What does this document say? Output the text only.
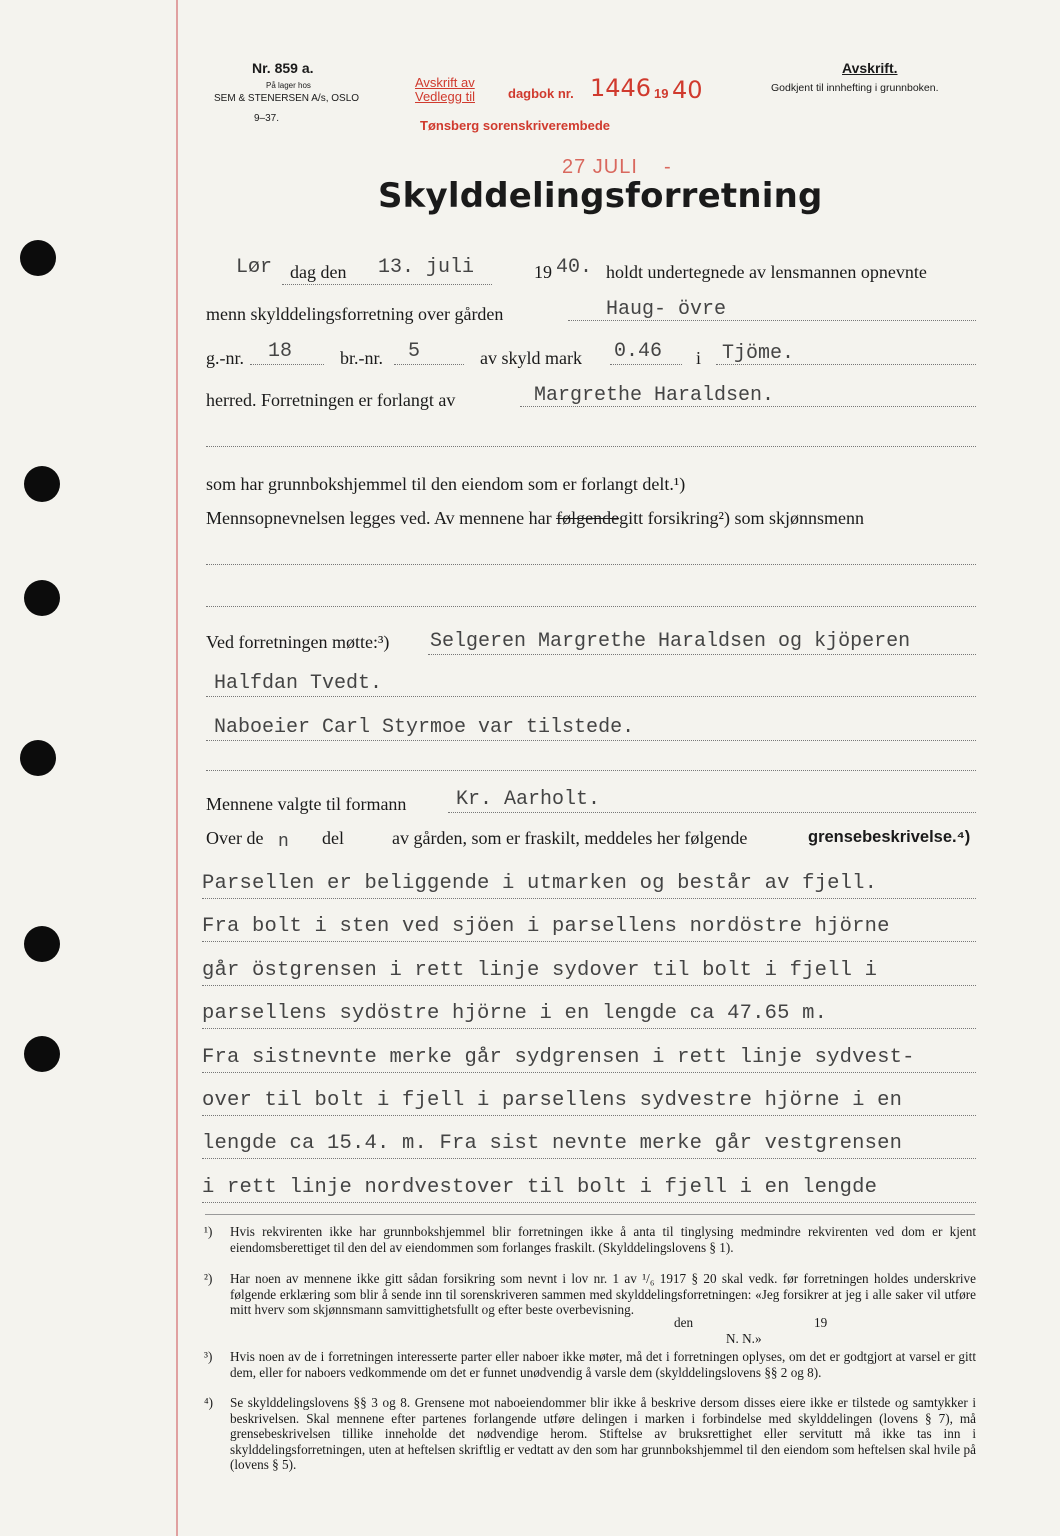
Nr. 859 a.
På lager hos
SEM & STENERSEN A/s, OSLO
9–37.
Avskrift av
Vedlegg til	dagbok nr. 1446 19 40
Tønsberg sorenskriverembede
27 JULI -
Avskrift.
Godkjent til innhefting i grunnboken.
Skylddelingsforretning
Lør dag den 13. juli	19 40. holdt undertegnede av lensmannen opnevnte
menn skylddelingsforretning over gården	Haug- övre
g.-nr. 18	br.-nr. 5	av skyld mark 0.46 i Tjöme.
herred. Forretningen er forlangt av	Margrethe Haraldsen.
som har grunnbokshjemmel til den eiendom som er forlangt delt.¹)
Mennsopnevnelsen legges ved. Av mennene har følgendegitt forsikring²) som skjønnsmenn
Ved forretningen møtte:³) Selgeren Margrethe Haraldsen og kjöperen
Halfdan Tvedt.
Naboeier Carl Styrmoe var tilstede.
Mennene valgte til formann Kr. Aarholt.
Over de n del	av gården, som er fraskilt, meddeles her følgende	grensebeskrivelse.⁴)
Parsellen er beliggende i utmarken og består av fjell.
Fra bolt i sten ved sjöen i parsellens nordöstre hjörne
går östgrensen i rett linje sydover til bolt i fjell i
parsellens sydöstre hjörne i en lengde ca 47.65 m.
Fra sistnevnte merke går sydgrensen i rett linje sydvest-
over til bolt i fjell i parsellens sydvestre hjörne i en
lengde ca 15.4. m. Fra sist nevnte merke går vestgrensen
i rett linje nordvestover til bolt i fjell i en lengde
¹) Hvis rekvirenten ikke har grunnbokshjemmel blir forretningen ikke å anta til tinglysing medmindre rekvirenten ved dom er kjent eiendomsberettiget til den del av eiendommen som forlanges fraskilt. (Skylddelingslovens § 1).
²) Har noen av mennene ikke gitt sådan forsikring som nevnt i lov nr. 1 av ¹/₆ 1917 § 20 skal vedk. før forretningen holdes underskrive følgende erklæring som blir å sende inn til sorenskriveren sammen med skylddelingsforretningen: «Jeg forsikrer at jeg i alle saker vil utføre mitt hverv som skjønnsmann samvittighetsfullt og efter beste overbevisning.
den	19
N. N.»
³) Hvis noen av de i forretningen interesserte parter eller naboer ikke møter, må det i forretningen oplyses, om det er godtgjort at varsel er gitt dem, eller for naboers vedkommende om det er funnet unødvendig å varsle dem (skylddelingslovens §§ 2 og 8).
⁴) Se skylddelingslovens §§ 3 og 8. Grensene mot naboeiendommer blir ikke å beskrive dersom disses eiere ikke er tilstede og samtykker i beskrivelsen. Skal mennene efter partenes forlangende utføre delingen i marken i forbindelse med skylddelingen (lovens § 7), må grensebeskrivelsen tillike inneholde det nødvendige herom. Stiftelse av bruksrettighet eller servitutt må ikke tas inn i skylddelingsforretningen, uten at heftelsen skriftlig er vedtatt av den som har grunnbokshjemmel til den eiendom som heftelsen skal hvile på (lovens § 5).
